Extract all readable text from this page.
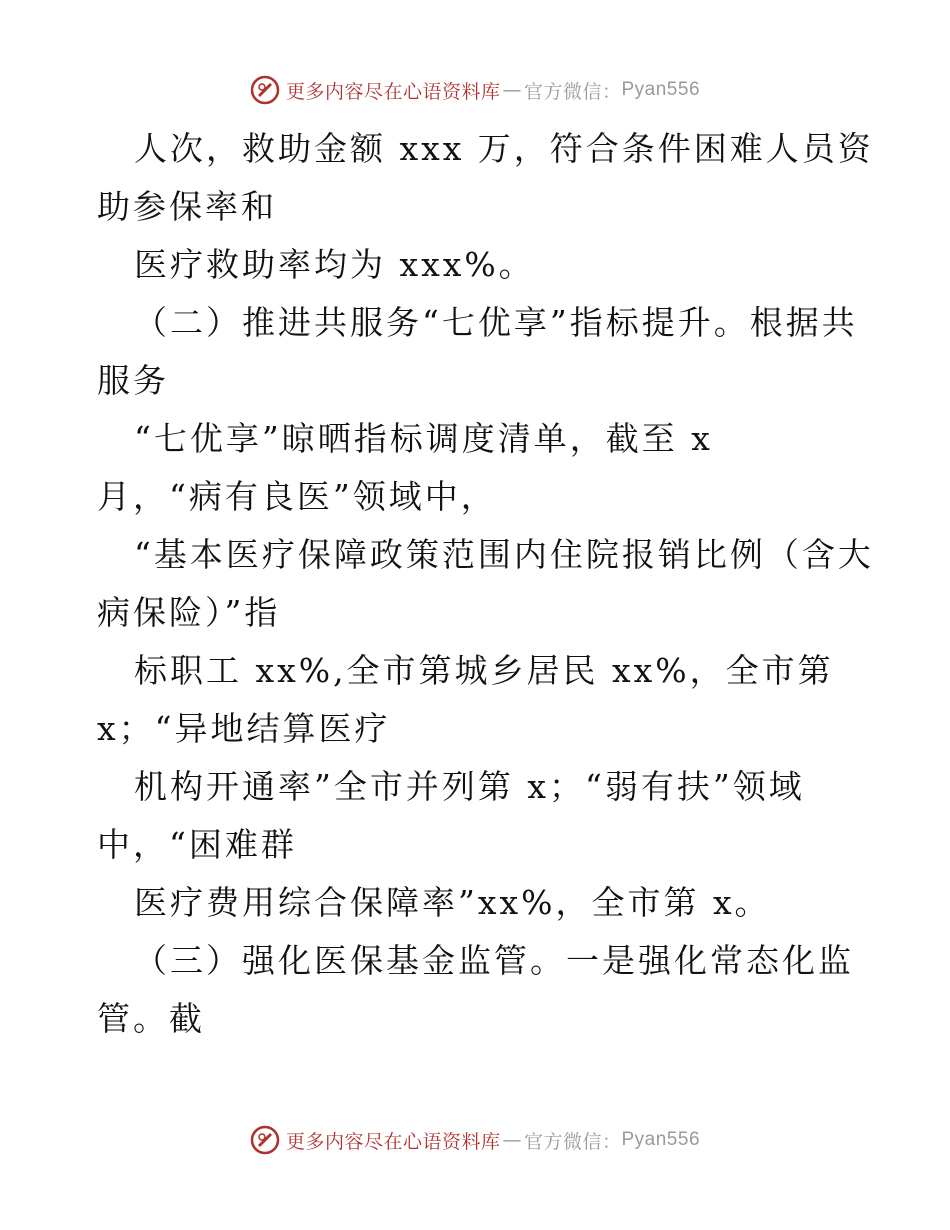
更多内容尽在心语资料库 — 官方微信： Pyan556
人次，救助金额 xxx 万，符合条件困难人员资
助参保率和
医疗救助率均为 xxx%。
（二）推进共服务“七优享”指标提升。根据共
服务
“七优享”晾晒指标调度清单，截至 x
月，“病有良医”领域中，
“基本医疗保障政策范围内住院报销比例（含大
病保险）”指
标职工 xx%,全市第城乡居民 xx%，全市第
x；“异地结算医疗
机构开通率”全市并列第 x；“弱有扶”领域
中，“困难群
医疗费用综合保障率”xx%，全市第 x。
（三）强化医保基金监管。一是强化常态化监
管。截
更多内容尽在心语资料库 — 官方微信： Pyan556
